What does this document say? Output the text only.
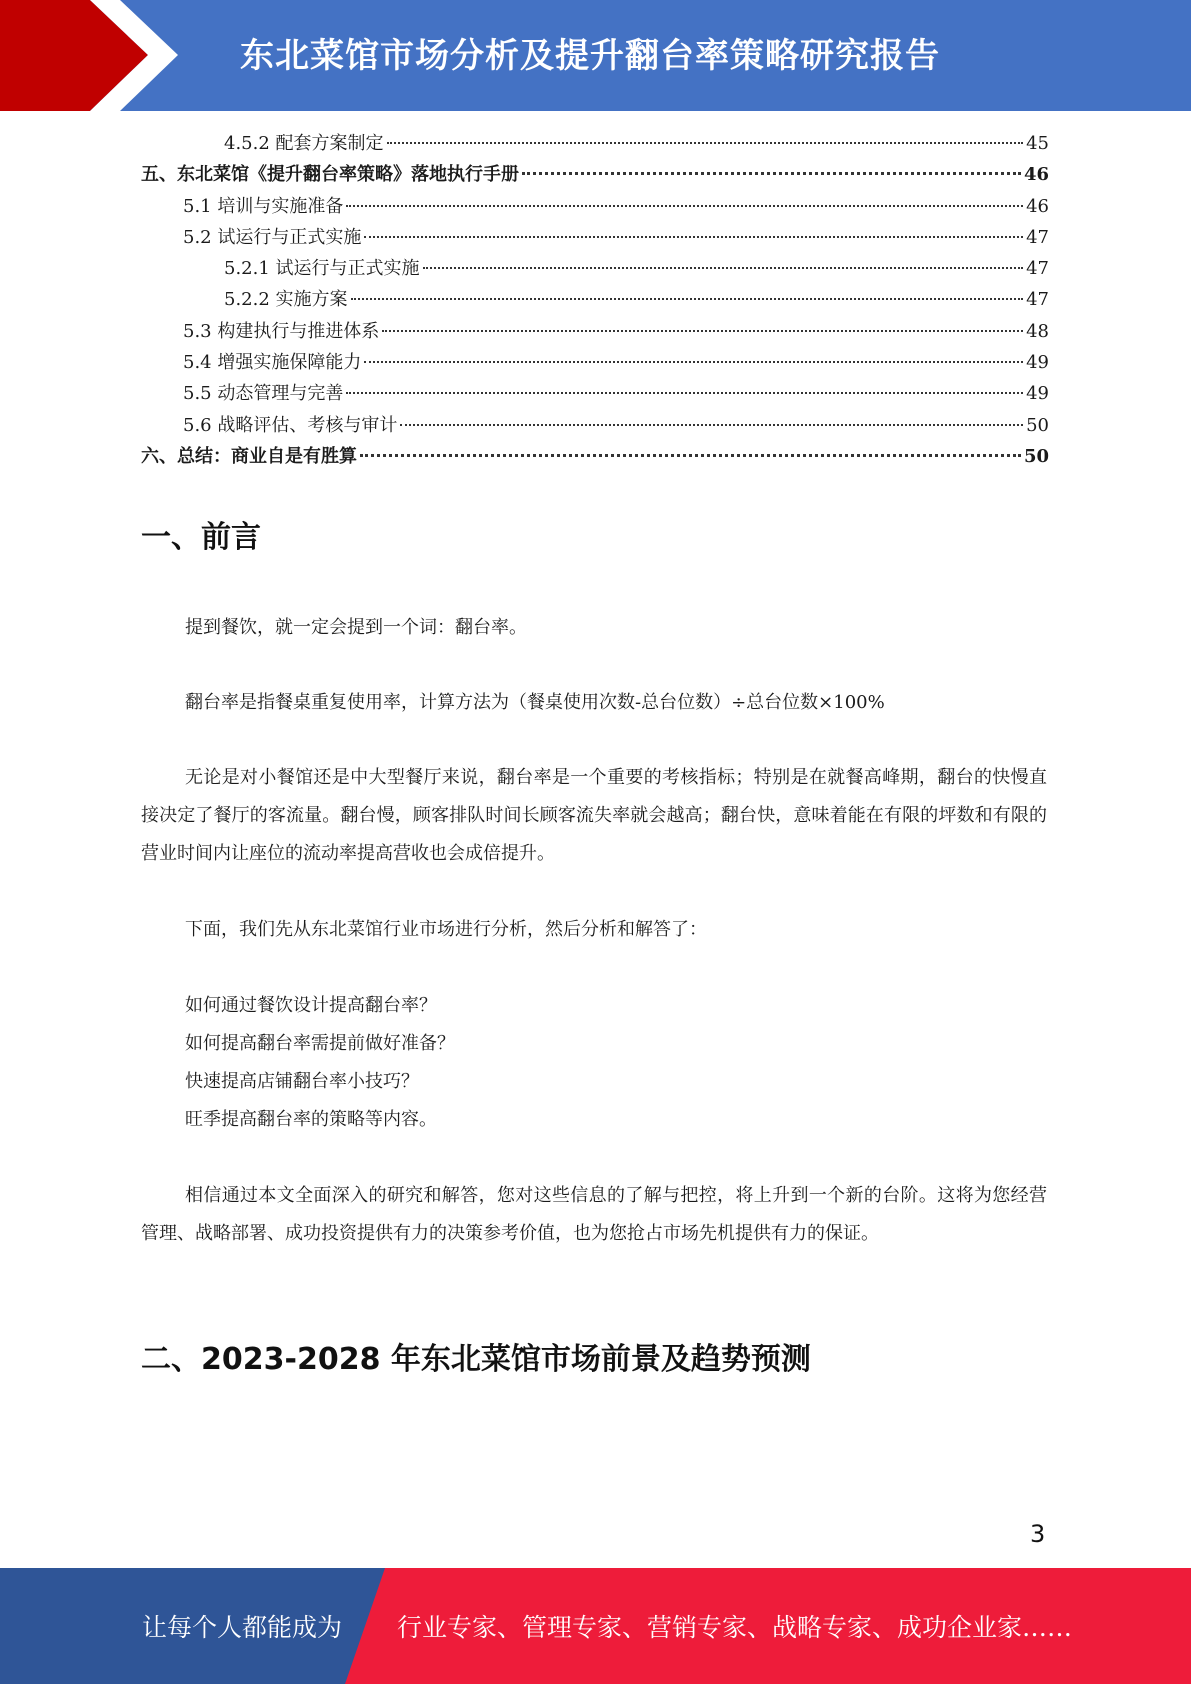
东北菜馆市场分析及提升翻台率策略研究报告
4.5.2 配套方案制定	45
五、东北菜馆《提升翻台率策略》落地执行手册	46
5.1 培训与实施准备	46
5.2 试运行与正式实施	47
5.2.1 试运行与正式实施	47
5.2.2 实施方案	47
5.3 构建执行与推进体系	48
5.4 增强实施保障能力	49
5.5 动态管理与完善	49
5.6 战略评估、考核与审计	50
六、总结：商业自是有胜算	50
一、前言

提到餐饮，就一定会提到一个词：翻台率。

翻台率是指餐桌重复使用率，计算方法为（餐桌使用次数-总台位数）÷总台位数×100%

无论是对小餐馆还是中大型餐厅来说，翻台率是一个重要的考核指标；特别是在就餐高峰期，翻台的快慢直接决定了餐厅的客流量。翻台慢，顾客排队时间长顾客流失率就会越高；翻台快，意味着能在有限的坪数和有限的营业时间内让座位的流动率提高营收也会成倍提升。

下面，我们先从东北菜馆行业市场进行分析，然后分析和解答了：

如何通过餐饮设计提高翻台率？
如何提高翻台率需提前做好准备？
快速提高店铺翻台率小技巧？
旺季提高翻台率的策略等内容。

相信通过本文全面深入的研究和解答，您对这些信息的了解与把控，将上升到一个新的台阶。这将为您经营管理、战略部署、成功投资提供有力的决策参考价值，也为您抢占市场先机提供有力的保证。

二、2023-2028 年东北菜馆市场前景及趋势预测
3
让每个人都能成为 行业专家、管理专家、营销专家、战略专家、成功企业家……
